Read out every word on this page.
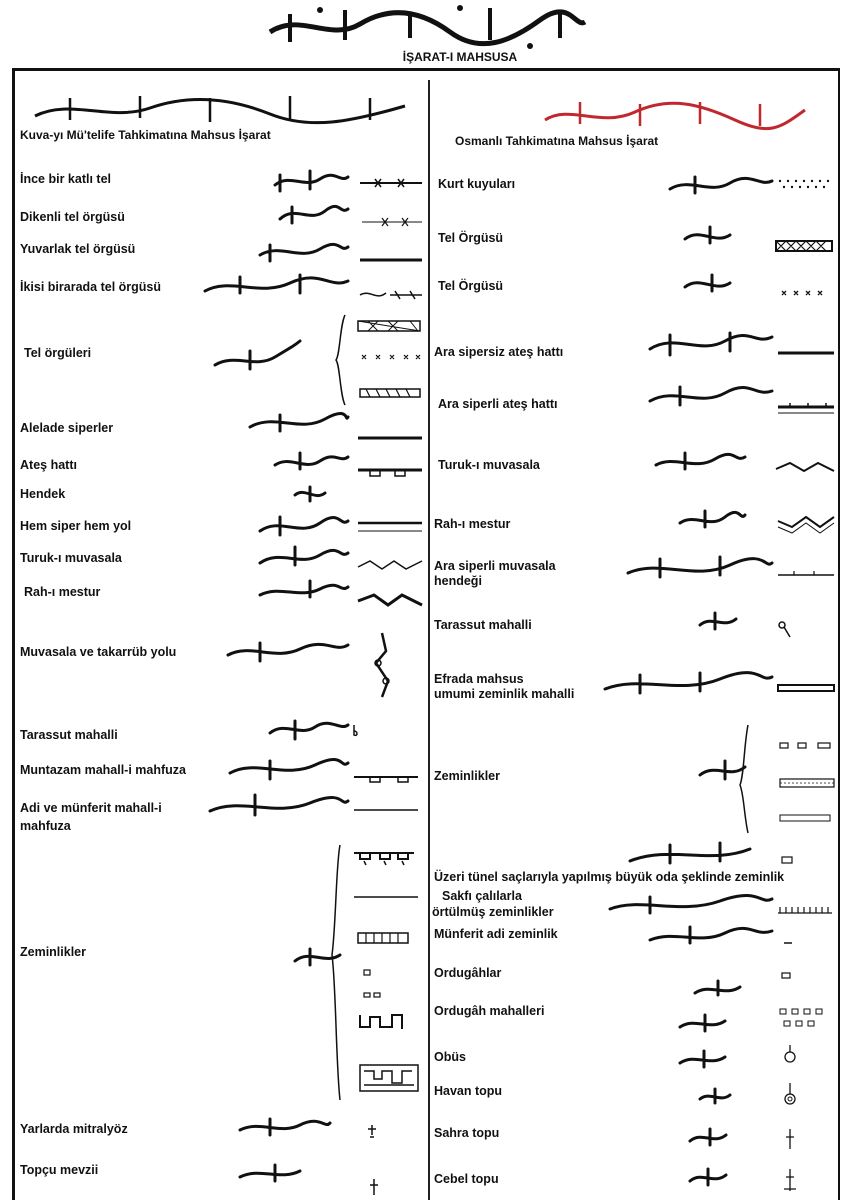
İŞARAT-I MAHSUSA
Kuva-yı Mü'telife Tahkimatına Mahsus İşarat	Osmanlı Tahkimatına Mahsus İşarat
İnce bir katlı tel
Dikenli tel örgüsü
Yuvarlak tel örgüsü
İkisi birarada tel örgüsü
Tel örgüleri
Alelade siperler
Ateş hattı
Hendek
Hem siper hem yol
Turuk-ı muvasala
Rah-ı mestur
Muvasala ve takarrüb yolu
Tarassut mahalli
Muntazam mahall-i mahfuza
Adi ve münferit mahall-i
mahfuza
Zeminlikler
Yarlarda mitralyöz
Topçu mevzii
Kurt kuyuları
Tel Örgüsü
Tel Örgüsü
Ara sipersiz ateş hattı
Ara siperli ateş hattı
Turuk-ı muvasala
Rah-ı mestur
Ara siperli muvasala
hendeği
Tarassut mahalli
Efrada mahsus
umumi zeminlik mahalli
Zeminlikler
Üzeri tünel saçlarıyla yapılmış büyük oda şeklinde zeminlik
Sakfı çalılarla
örtülmüş zeminlikler
Münferit adi zeminlik
Ordugâhlar
Ordugâh mahalleri
Obüs
Havan topu
Sahra topu
Cebel topu
